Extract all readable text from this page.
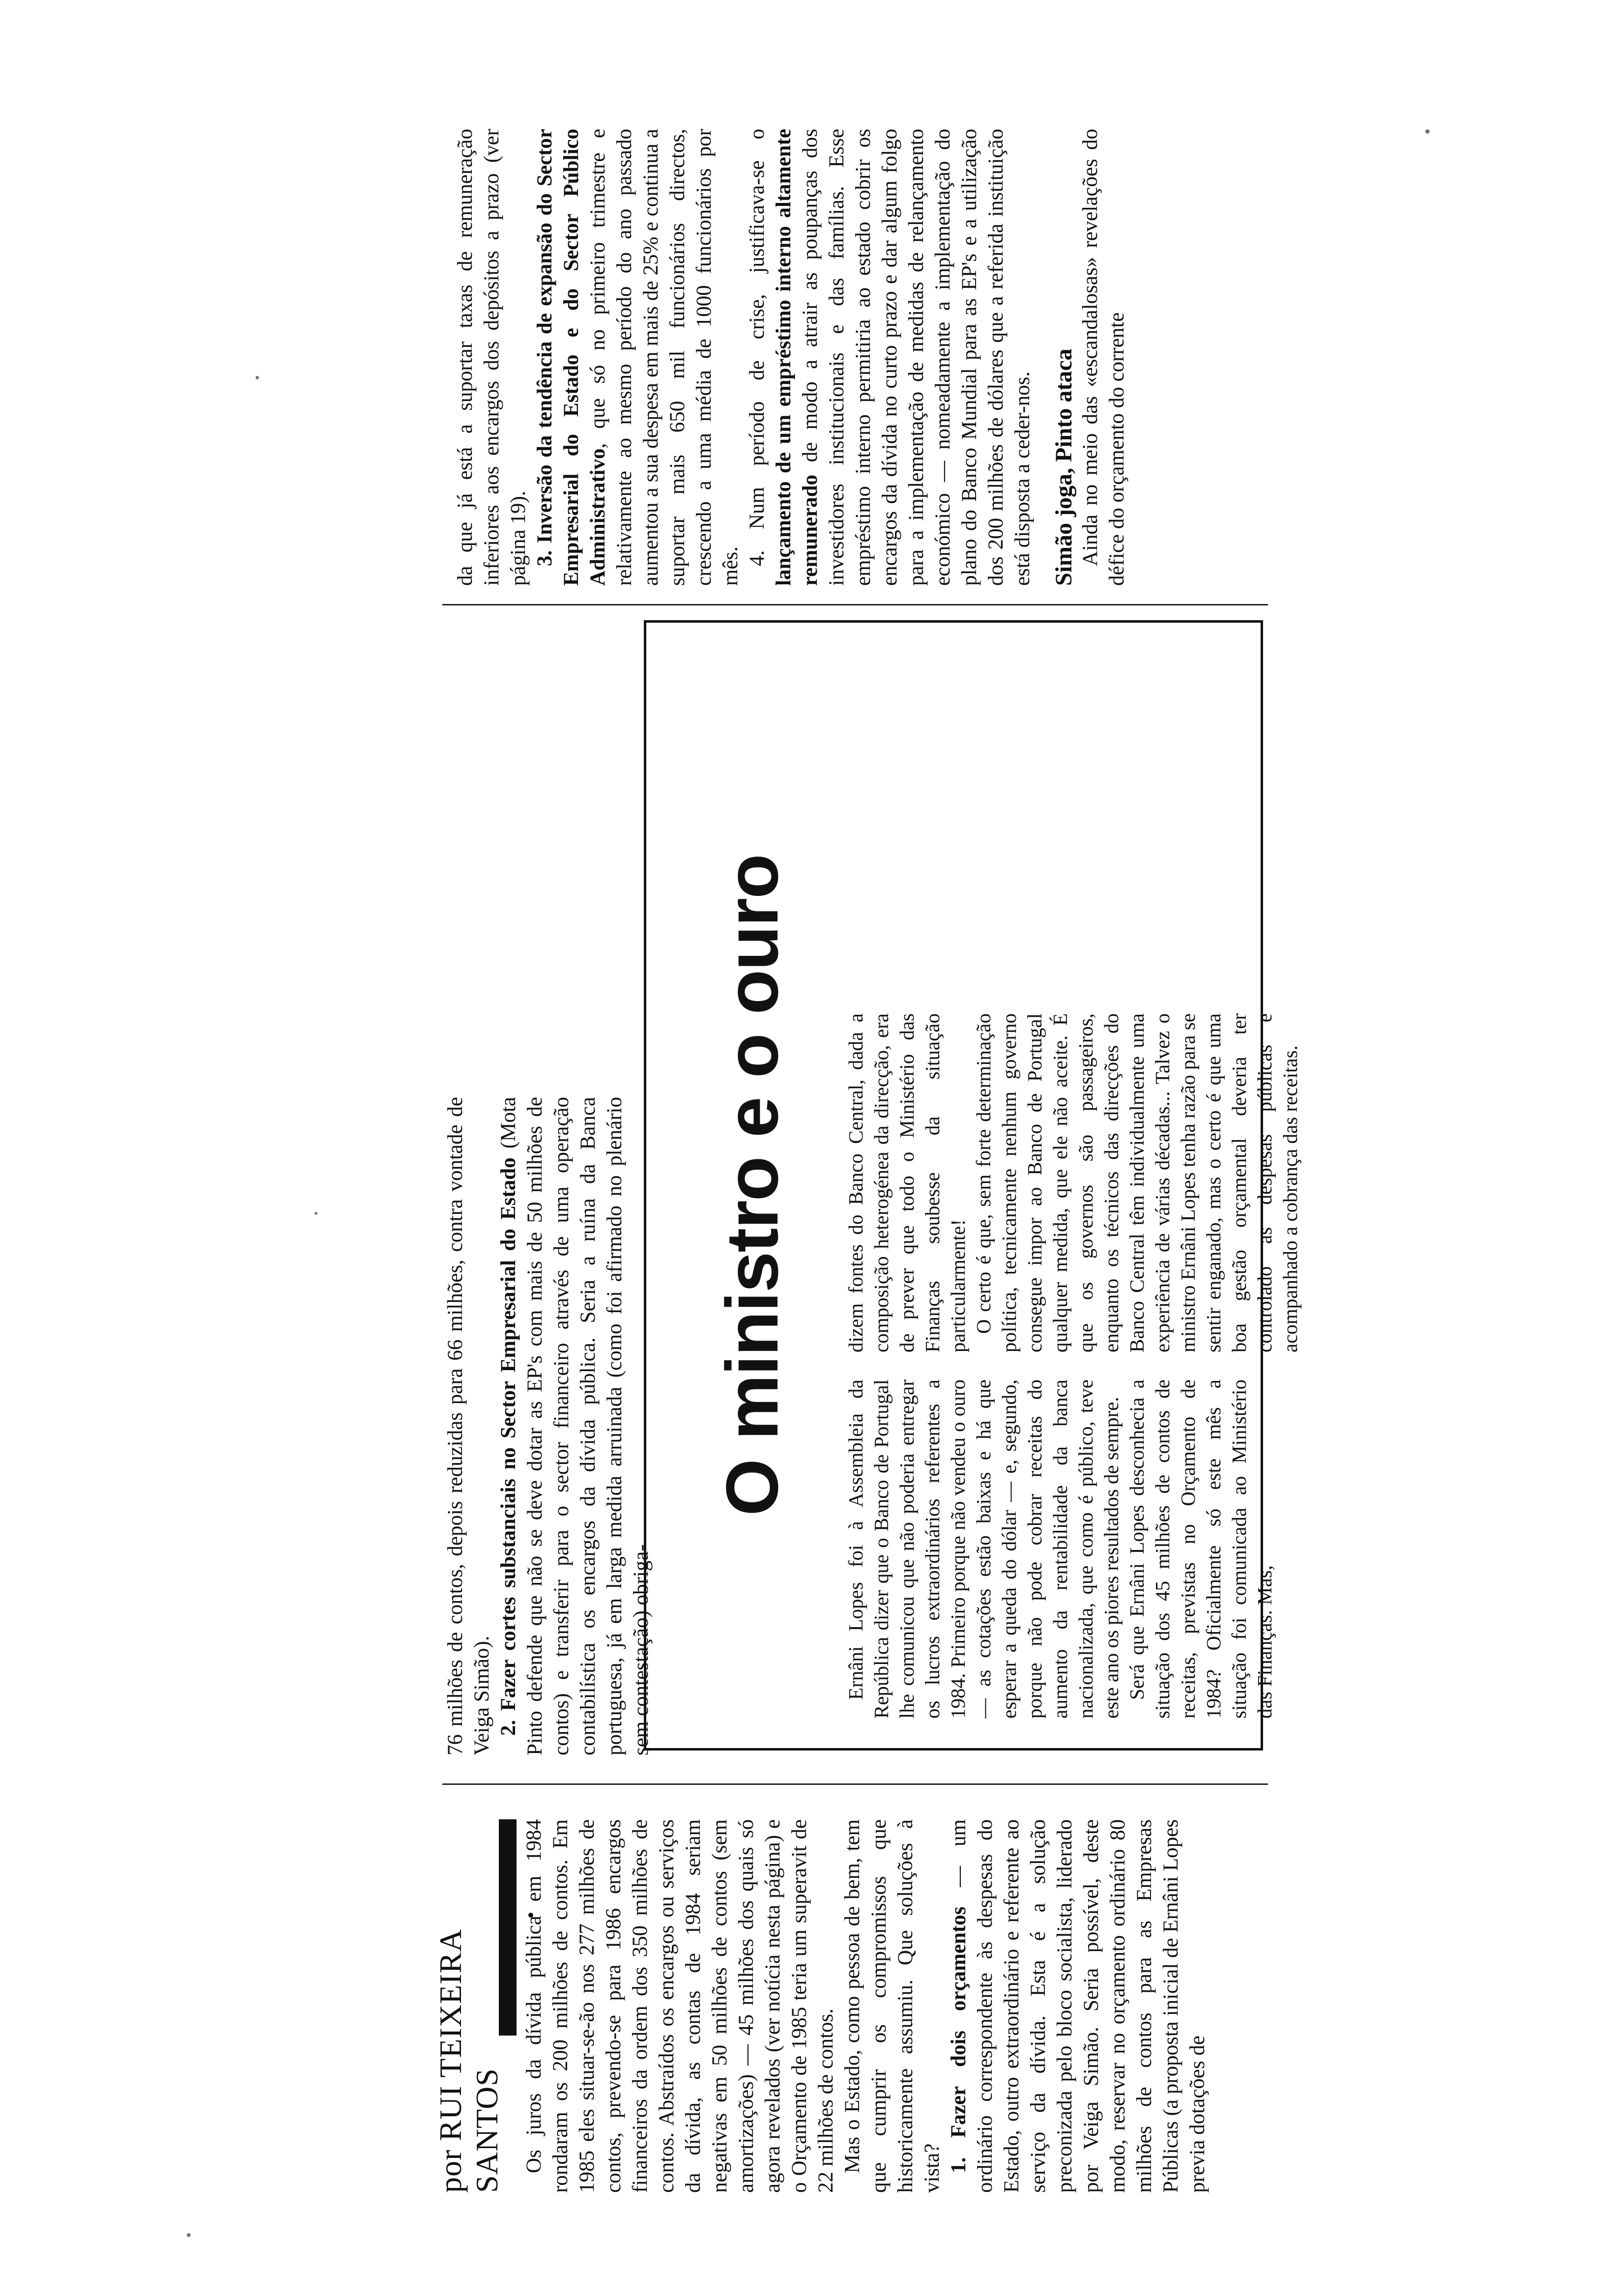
por RUI TEIXEIRA SANTOS Os juros da dívida pública em 1984 rondaram os 200 milhões de contos. Em 1985 eles situar-se-ão nos 277 milhões de contos, prevendo-se para 1986 encargos financeiros da ordem dos 350 milhões de contos. Abstraídos os encargos ou serviços da dívida, as contas de 1984 seriam negativas em 50 milhões de contos (sem amortizações) — 45 milhões dos quais só agora revelados (ver notícia nesta página) e o Orçamento de 1985 teria um superavit de 22 milhões de contos. Mas o Estado, como pessoa de bem, tem que cumprir os compromissos que historicamente assumiu. Que soluções à vista? 1. Fazer dois orçamentos — um ordinário correspondente às despesas do Estado, outro extraordinário e referente ao serviço da dívida. Esta é a solução preconizada pelo bloco socialista, liderado por Veiga Simão. Seria possível, deste modo, reservar no orçamento ordinário 80 milhões de contos para as Empresas Públicas (a proposta inicial de Ernâni Lopes previa dotações de

76 milhões de contos, depois reduzidas para 66 milhões, contra vontade de Veiga Simão). 2. Fazer cortes substanciais no Sector Empresarial do Estado (Mota Pinto defende que não se deve dotar as EP's com mais de 50 milhões de contos) e transferir para o sector financeiro através de uma operação contabilística os encargos da dívida pública. Seria a ruína da Banca portuguesa, já em larga medida arruinada (como foi afirmado no plenário sem contestação) obriga-

O ministro e o ouro

Ernâni Lopes foi à Assembleia da República dizer que o Banco de Portugal lhe comunicou que não poderia entregar os lucros extraordinários referentes a 1984. Primeiro porque não vendeu o ouro — as cotações estão baixas e há que esperar a queda do dólar — e, segundo, porque não pode cobrar receitas do aumento da rentabilidade da banca nacionalizada, que como é público, teve este ano os piores resultados de sempre. Será que Ernâni Lopes desconhecia a situação dos 45 milhões de contos de receitas, previstas no Orçamento de 1984? Oficialmente só este mês a situação foi comunicada ao Ministério das Finanças. Mas,

dizem fontes do Banco Central, dada a composição heterogénea da direcção, era de prever que todo o Ministério das Finanças soubesse da situação particularmente! O certo é que, sem forte determinação política, tecnicamente nenhum governo consegue impor ao Banco de Portugal qualquer medida, que ele não aceite. É que os governos são passageiros, enquanto os técnicos das direcções do Banco Central têm individualmente uma experiência de várias décadas... Talvez o ministro Ernâni Lopes tenha razão para se sentir enganado, mas o certo é que uma boa gestão orçamental deveria ter controlado as despesas públicas e acompanhado a cobrança das receitas.

da que já está a suportar taxas de remuneração inferiores aos encargos dos depósitos a prazo (ver página 19). 3. Inversão da tendência de expansão do Sector Empresarial do Estado e do Sector Público Administrativo, que só no primeiro trimestre e relativamente ao mesmo período do ano passado aumentou a sua despesa em mais de 25% e continua a suportar mais 650 mil funcionários directos, crescendo a uma média de 1000 funcionários por mês. 4. Num período de crise, justificava-se o lançamento de um empréstimo interno altamente remunerado de modo a atrair as poupanças dos investidores institucionais e das famílias. Esse empréstimo interno permitiria ao estado cobrir os encargos da dívida no curto prazo e dar algum folgo para a implementação de medidas de relançamento económico — nomeadamente a implementação do plano do Banco Mundial para as EP's e a utilização dos 200 milhões de dólares que a referida instituição está disposta a ceder-nos. Simão joga, Pinto ataca Ainda no meio das «escandalosas» revelações do défice do orçamento do corrente
